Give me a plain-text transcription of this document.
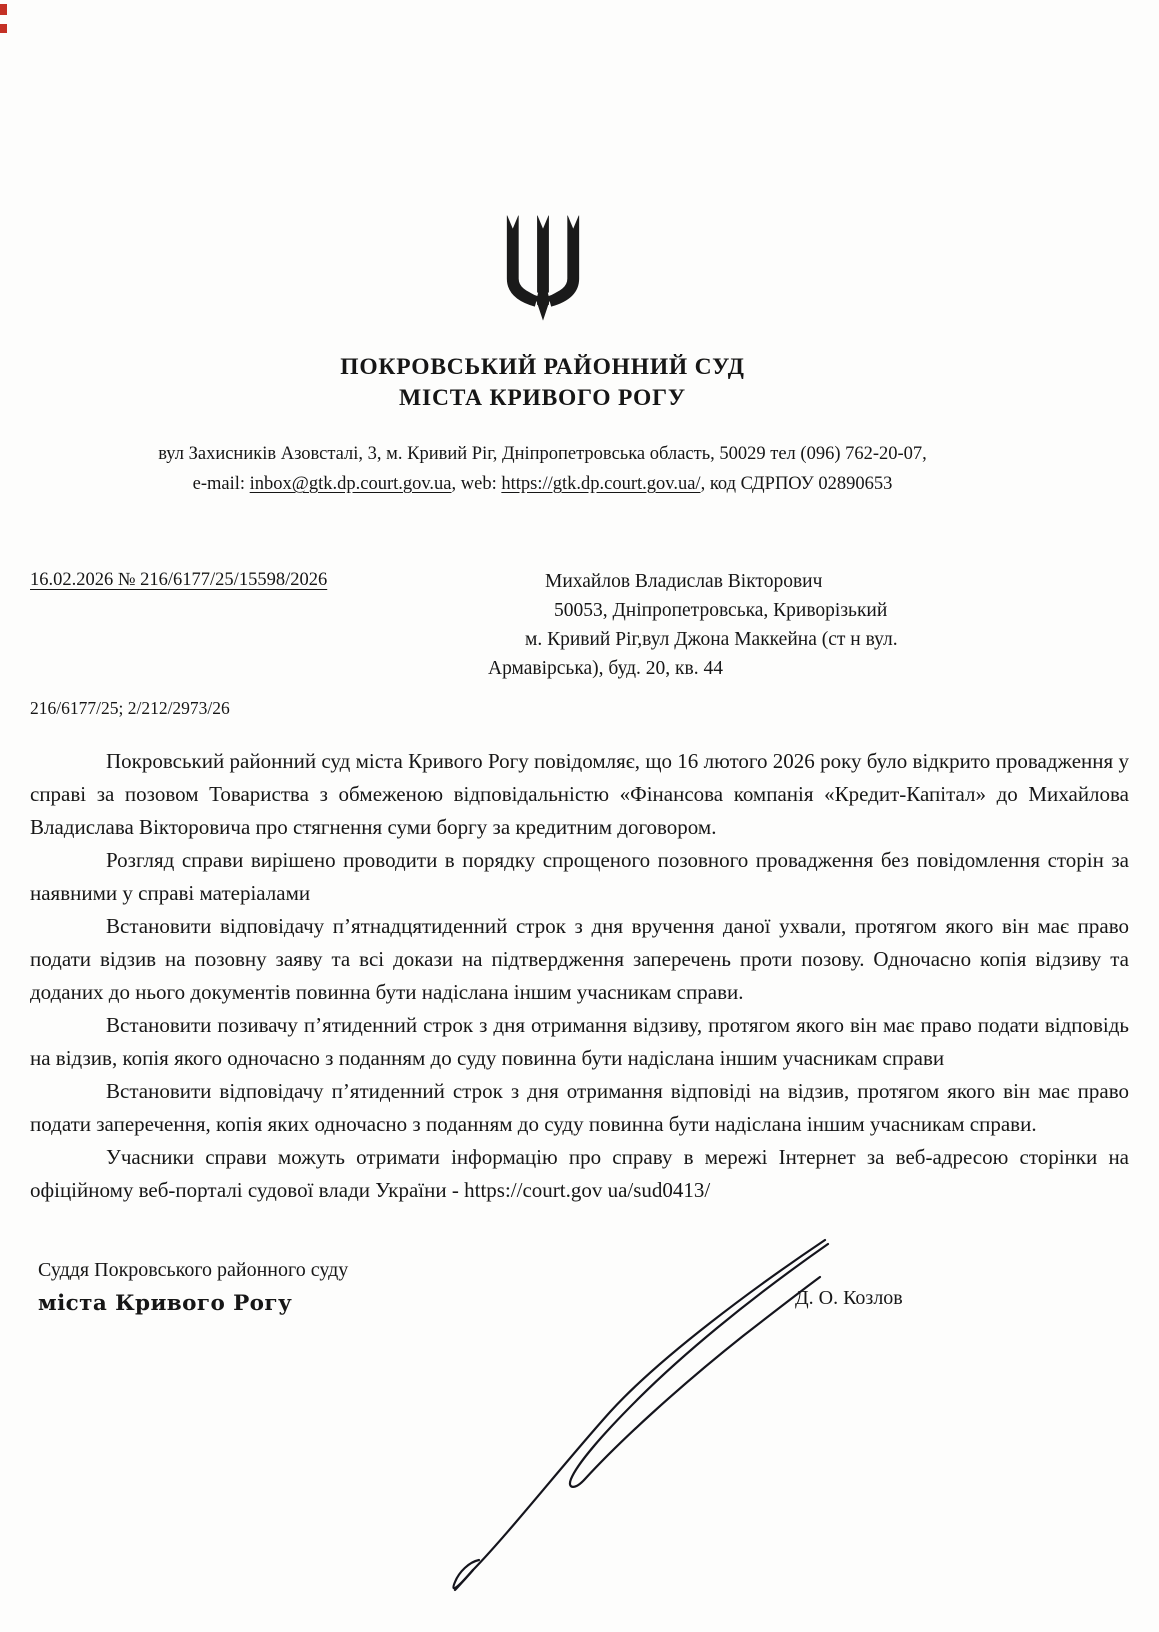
ПОКРОВСЬКИЙ РАЙОННИЙ СУД
МІСТА КРИВОГО РОГУ
вул Захисників Азовсталі, 3, м. Кривий Ріг, Дніпропетровська область, 50029 тел (096) 762-20-07,
e-mail: inbox@gtk.dp.court.gov.ua, web: https://gtk.dp.court.gov.ua/, код СДРПОУ 02890653
16.02.2026 № 216/6177/25/15598/2026	Михайлов Владислав Вікторович
50053, Дніпропетровська, Криворізький
м. Кривий Ріг,вул Джона Маккейна (ст н вул.
Армавірська), буд. 20, кв. 44
216/6177/25; 2/212/2973/26

Покровський районний суд міста Кривого Рогу повідомляє, що 16 лютого 2026 року було відкрито провадження у справі за позовом Товариства з обмеженою відповідальністю «Фінансова компанія «Кредит-Капітал» до Михайлова Владислава Вікторовича про стягнення суми боргу за кредитним договором.

Розгляд справи вирішено проводити в порядку спрощеного позовного провадження без повідомлення сторін за наявними у справі матеріалами

Встановити відповідачу п’ятнадцятиденний строк з дня вручення даної ухвали, протягом якого він має право подати відзив на позовну заяву та всі докази на підтвердження заперечень проти позову. Одночасно копія відзиву та доданих до нього документів повинна бути надіслана іншим учасникам справи.

Встановити позивачу п’ятиденний строк з дня отримання відзиву, протягом якого він має право подати відповідь на відзив, копія якого одночасно з поданням до суду повинна бути надіслана іншим учасникам справи

Встановити відповідачу п’ятиденний строк з дня отримання відповіді на відзив, протягом якого він має право подати заперечення, копія яких одночасно з поданням до суду повинна бути надіслана іншим учасникам справи.

Учасники справи можуть отримати інформацію про справу в мережі Інтернет за веб-адресою сторінки на офіційному веб-порталі судової влади України - https://court.gov ua/sud0413/

Суддя Покровського районного суду
міста Кривого Рогу	Д. О. Козлов
